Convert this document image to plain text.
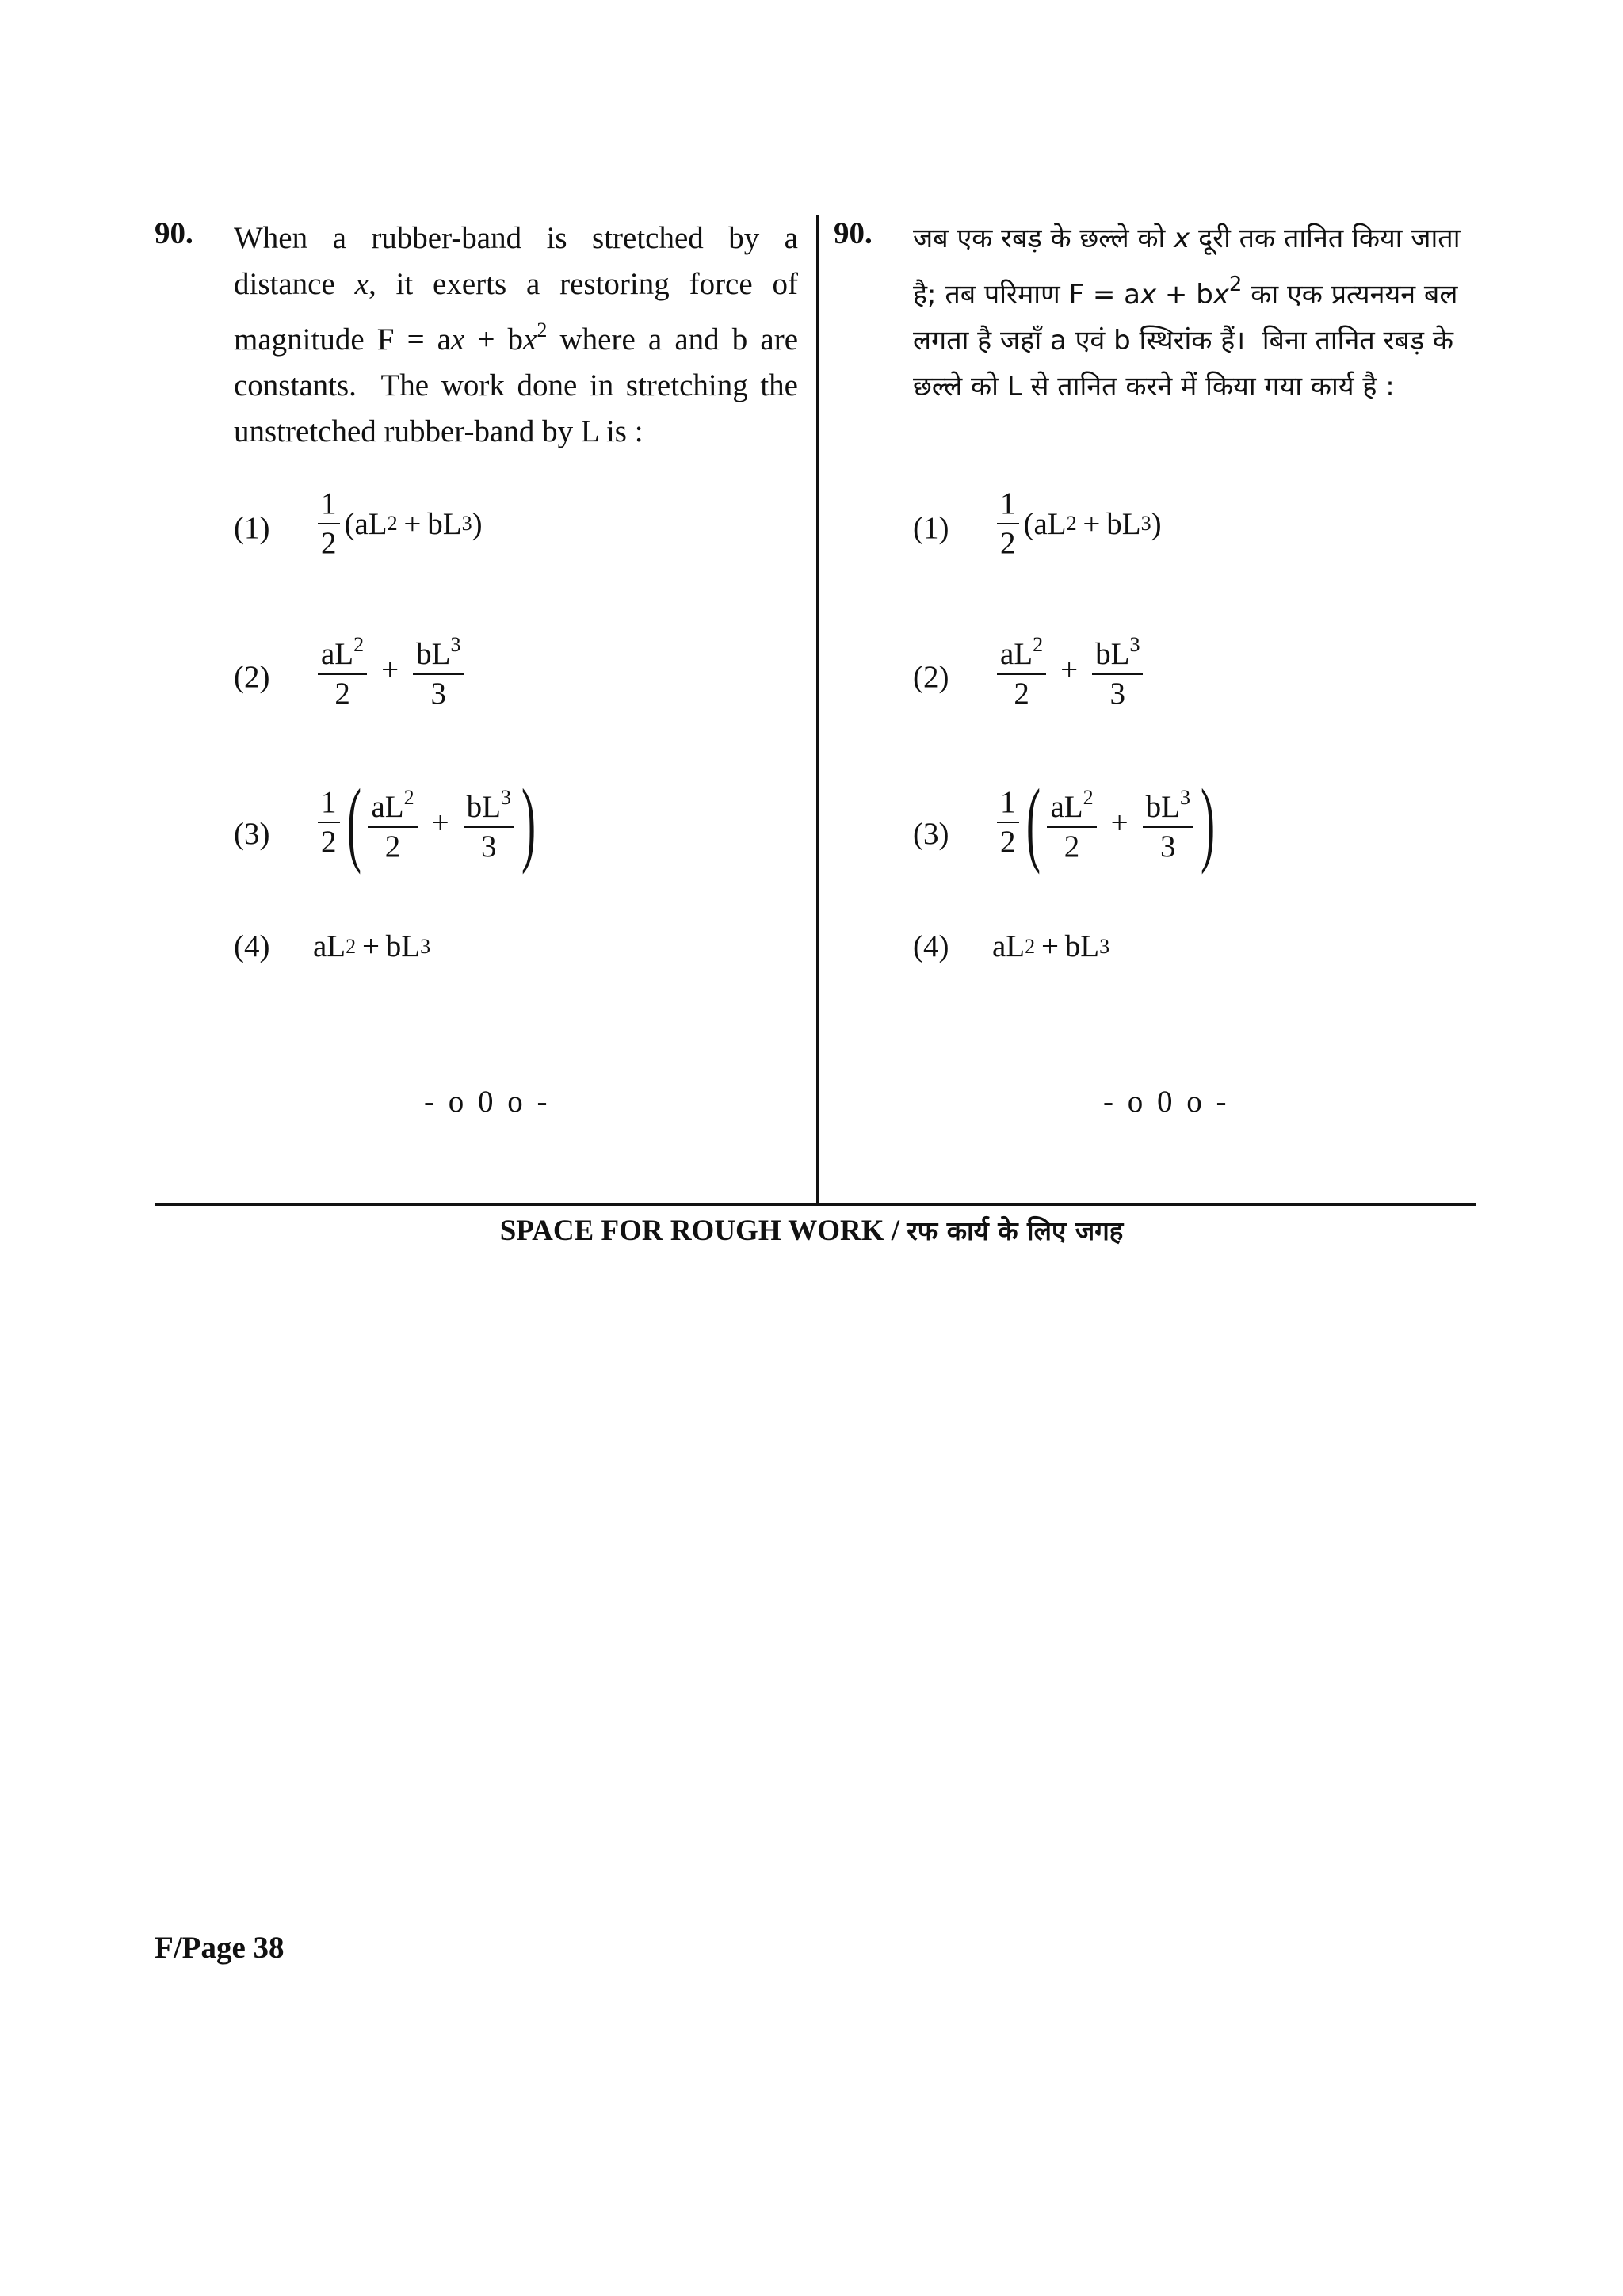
90. When a rubber-band is stretched by a distance x, it exerts a restoring force of magnitude F = ax + $bx^2$ where a and b are constants.  The work done in stretching the unstretched rubber-band by L is :
$(1) \frac{1}{2} (aL$ 2  + bL 3 )
$(2) \frac{aL^2}{2} + \frac{bL^3}{3}$
$(3) \frac{1}{2}$ ( $\frac{aL^2}{2} + \frac{bL^3}{3}$ )
(4) aL 2  + bL 3
- o 0 o -
90. जब एक रबड़ के छल्ले को x दूरी तक तानित किया जाता है; तब परिमाण F = ax + $bx^2$ का एक प्रत्यनयन बल लगता है जहाँ a एवं b स्थिरांक हैं।  बिना तानित रबड़ के छल्ले को L से तानित करने में किया गया कार्य है :
$(1) \frac{1}{2} (aL$ 2  + bL 3 )
$(2) \frac{aL^2}{2} + \frac{bL^3}{3}$
$(3) \frac{1}{2}$ ( $\frac{aL^2}{2} + \frac{bL^3}{3}$ )
(4) aL 2  + bL 3
- o 0 o -
SPACE FOR ROUGH WORK / रफ कार्य के लिए जगह
F/Page 38
